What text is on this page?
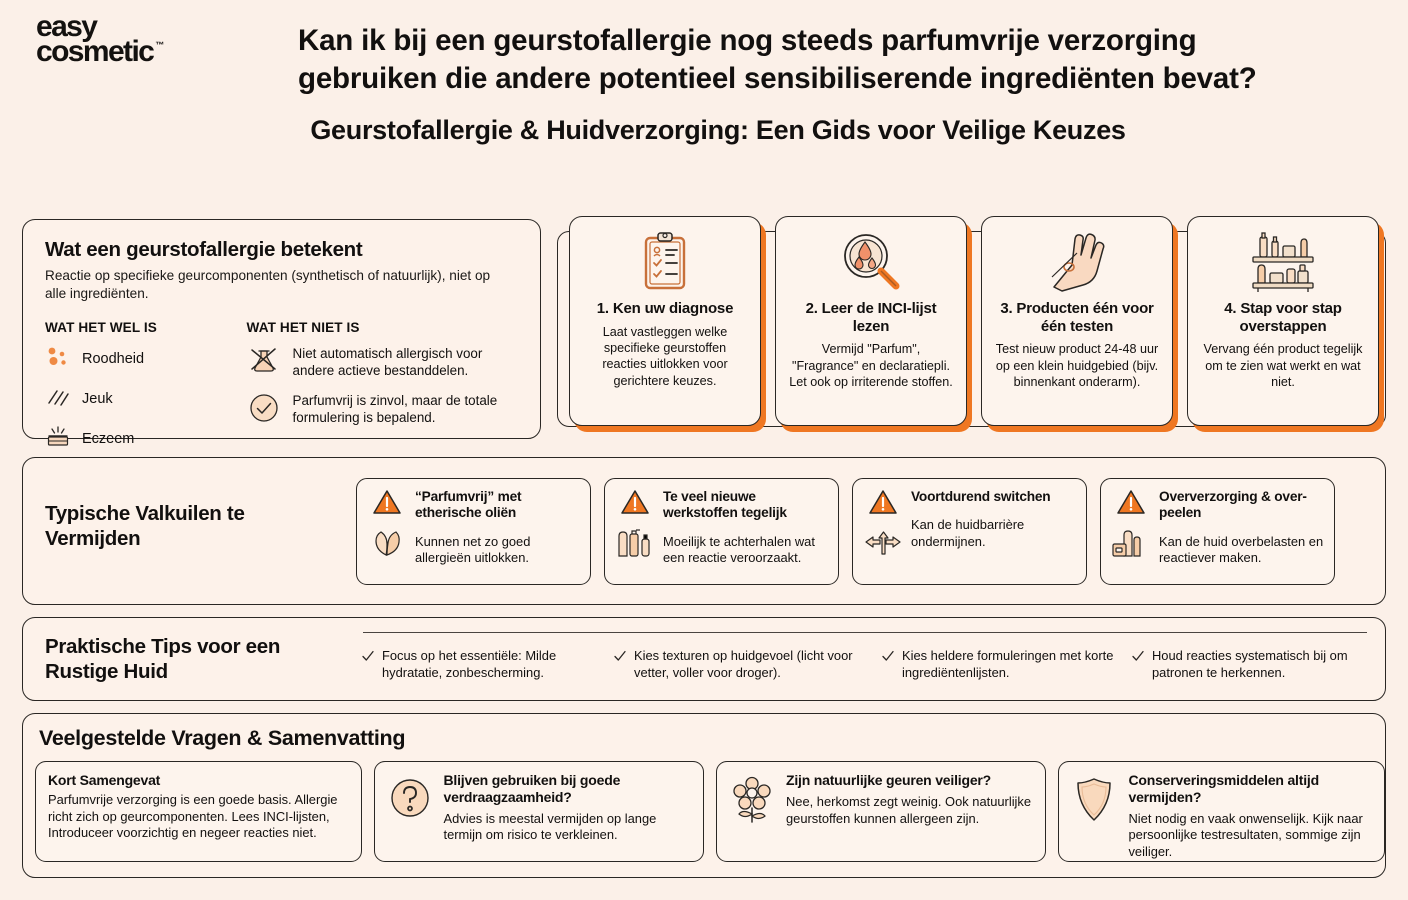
easy
cosmetic ™	Kan ik bij een geurstofallergie nog steeds parfumvrije verzorging gebruiken die andere potentieel sensibiliserende ingrediënten bevat?
Geurstofallergie & Huidverzorging: Een Gids voor Veilige Keuzes
Wat een geurstofallergie betekent
Reactie op specifieke geurcomponenten (synthetisch of natuurlijk), niet op alle ingrediënten.
WAT HET WEL IS
Roodheid
Jeuk
Eczeem
WAT HET NIET IS
Niet automatisch allergisch voor andere actieve bestanddelen.
Parfumvrij is zinvol, maar de totale formulering is bepalend.
1. Ken uw diagnose
Laat vastleggen welke specifieke geurstoffen reacties uitlokken voor gerichtere keuzes.
2. Leer de INCI-lijst lezen
Vermijd "Parfum", "Fragrance" en declaratiepli. Let ook op irriterende stoffen.
3. Producten één voor één testen
Test nieuw product 24-48 uur op een klein huidgebied (bijv. binnenkant onderarm).
4. Stap voor stap overstappen
Vervang één product tegelijk om te zien wat werkt en wat niet.
Typische Valkuilen te Vermijden
“Parfumvrij” met etherische oliën
Kunnen net zo goed allergieën uitlokken.
Te veel nieuwe werkstoffen tegelijk
Moeilijk te achterhalen wat een reactie veroorzaakt.
Voortdurend switchen
Kan de huidbarrière ondermijnen.
Oververzorging & over-peelen
Kan de huid overbelasten en reactiever maken.
Praktische Tips voor een Rustige Huid
Focus op het essentiële: Milde hydratatie, zonbescherming.
Kies texturen op huidgevoel (licht voor vetter, voller voor droger).
Kies heldere formuleringen met korte ingrediëntenlijsten.
Houd reacties systematisch bij om patronen te herkennen.
Veelgestelde Vragen & Samenvatting
Kort Samengevat
Parfumvrije verzorging is een goede basis. Allergie richt zich op geurcomponenten. Lees INCI-lijsten, Introduceer voorzichtig en negeer reacties niet.
Blijven gebruiken bij goede verdraagzaamheid?
Advies is meestal vermijden op lange termijn om risico te verkleinen.
Zijn natuurlijke geuren veiliger?
Nee, herkomst zegt weinig. Ook natuurlijke geurstoffen kunnen allergeen zijn.
Conserveringsmiddelen altijd vermijden?
Niet nodig en vaak onwenselijk. Kijk naar persoonlijke testresultaten, sommige zijn veiliger.
